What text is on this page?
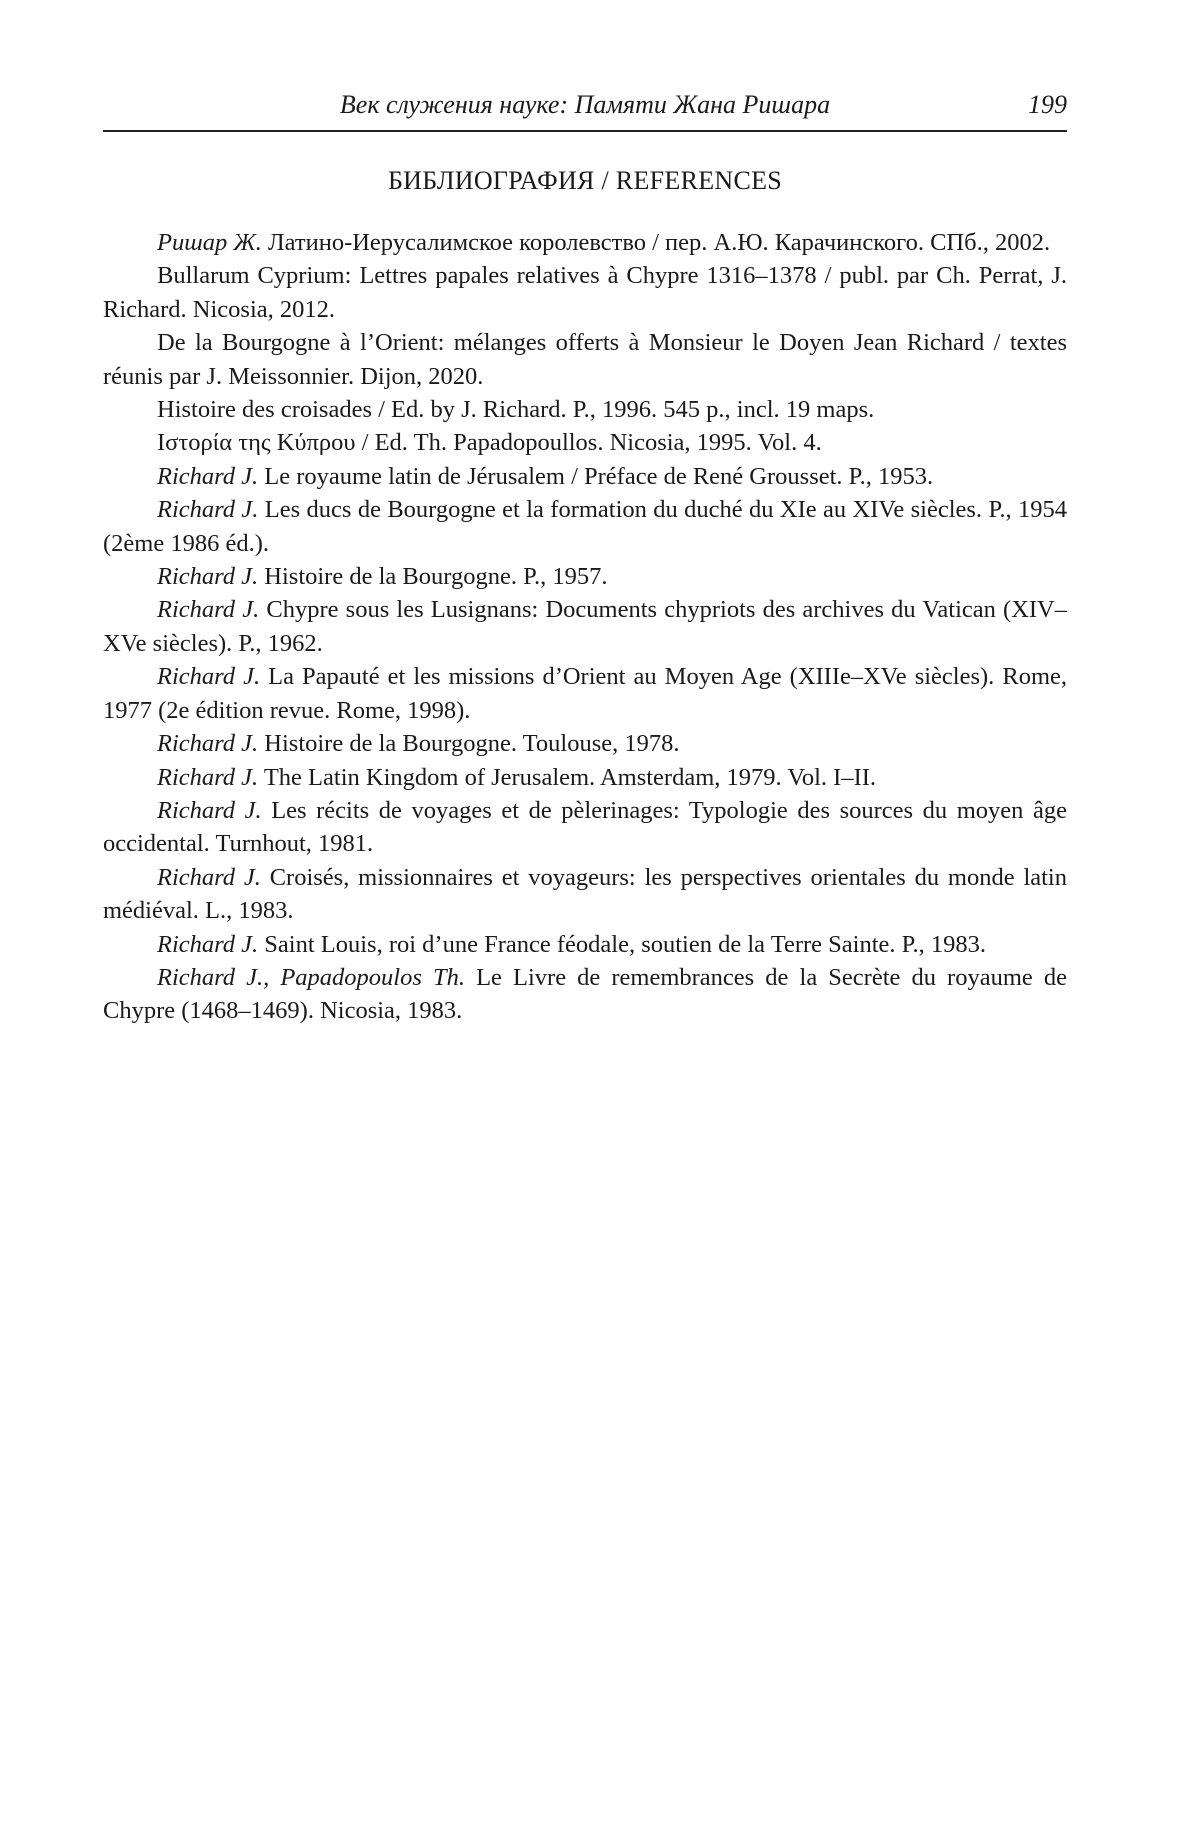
Век служения науке: Памяти Жана Ришара	199
БИБЛИОГРАФИЯ / REFERENCES

Ришар Ж. Латино-Иерусалимское королевство / пер. А.Ю. Карачинского. СПб., 2002.

Bullarum Cyprium: Lettres papales relatives à Chypre 1316–1378 / publ. par Ch. Perrat, J. Richard. Nicosia, 2012.

De la Bourgogne à l’Orient: mélanges offerts à Monsieur le Doyen Jean Richard / textes réunis par J. Meissonnier. Dijon, 2020.

Histoire des croisades / Ed. by J. Richard. P., 1996. 545 p., incl. 19 maps.

Ιστορία της Κύπρου / Ed. Th. Papadopoullos. Nicosia, 1995. Vol. 4.

Richard J. Le royaume latin de Jérusalem / Préface de René Grousset. P., 1953.

Richard J. Les ducs de Bourgogne et la formation du duché du XIe au XIVe siècles. P., 1954 (2ème 1986 éd.).

Richard J. Histoire de la Bourgogne. P., 1957.

Richard J. Chypre sous les Lusignans: Documents chypriots des archives du Vatican (XIV–XVe siècles). P., 1962.

Richard J. La Papauté et les missions d’Orient au Moyen Age (XIIIe–XVe siècles). Rome, 1977 (2e édition revue. Rome, 1998).

Richard J. Histoire de la Bourgogne. Toulouse, 1978.

Richard J. The Latin Kingdom of Jerusalem. Amsterdam, 1979. Vol. I–II.

Richard J. Les récits de voyages et de pèlerinages: Typologie des sources du moyen âge occidental. Turnhout, 1981.

Richard J. Croisés, missionnaires et voyageurs: les perspectives orientales du monde latin médiéval. L., 1983.

Richard J. Saint Louis, roi d’une France féodale, soutien de la Terre Sainte. P., 1983.

Richard J., Papadopoulos Th. Le Livre de remembrances de la Secrète du royaume de Chypre (1468–1469). Nicosia, 1983.
